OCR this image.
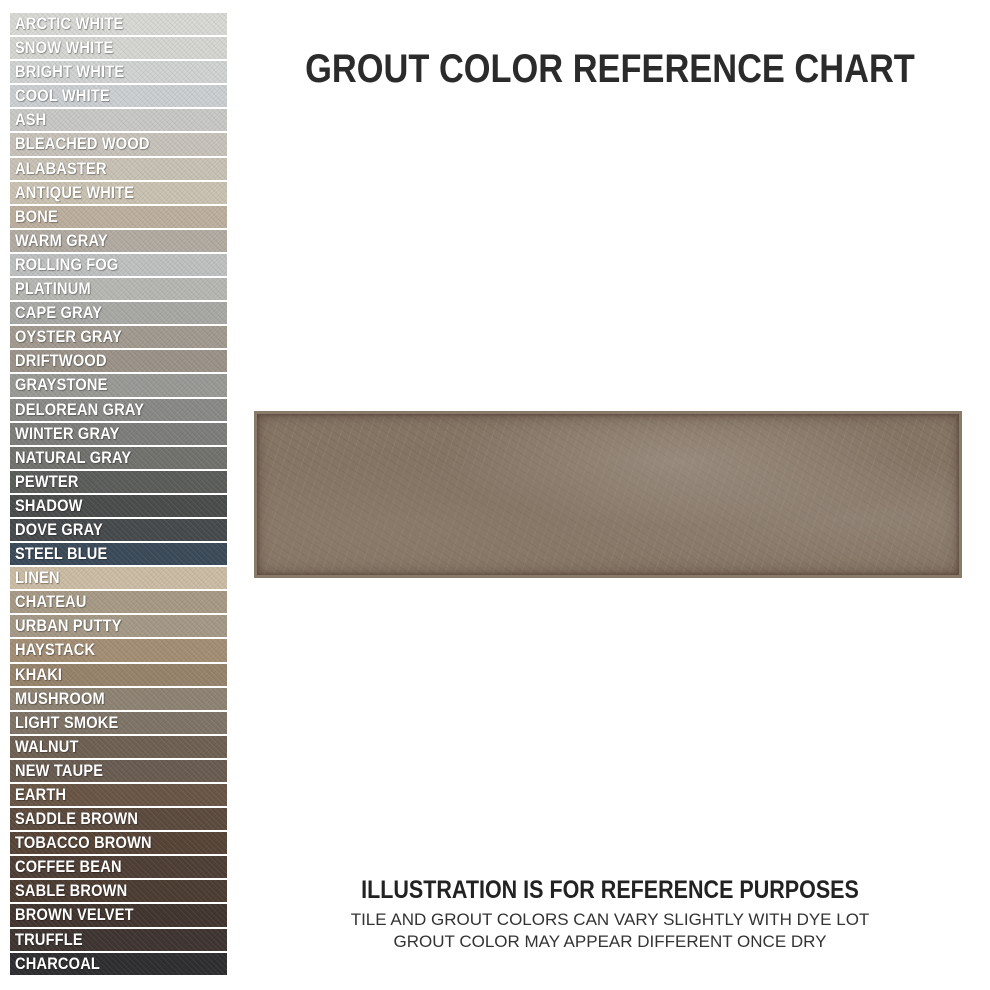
ARCTIC WHITE
SNOW WHITE
BRIGHT WHITE
COOL WHITE
ASH
BLEACHED WOOD
ALABASTER
ANTIQUE WHITE
BONE
WARM GRAY
ROLLING FOG
PLATINUM
CAPE GRAY
OYSTER GRAY
DRIFTWOOD
GRAYSTONE
DELOREAN GRAY
WINTER GRAY
NATURAL GRAY
PEWTER
SHADOW
DOVE GRAY
STEEL BLUE
LINEN
CHATEAU
URBAN PUTTY
HAYSTACK
KHAKI
MUSHROOM
LIGHT SMOKE
WALNUT
NEW TAUPE
EARTH
SADDLE BROWN
TOBACCO BROWN
COFFEE BEAN
SABLE BROWN
BROWN VELVET
TRUFFLE
CHARCOAL
GROUT COLOR REFERENCE CHART

ILLUSTRATION IS FOR REFERENCE PURPOSES

TILE AND GROUT COLORS CAN VARY SLIGHTLY WITH DYE LOT

GROUT COLOR MAY APPEAR DIFFERENT ONCE DRY
